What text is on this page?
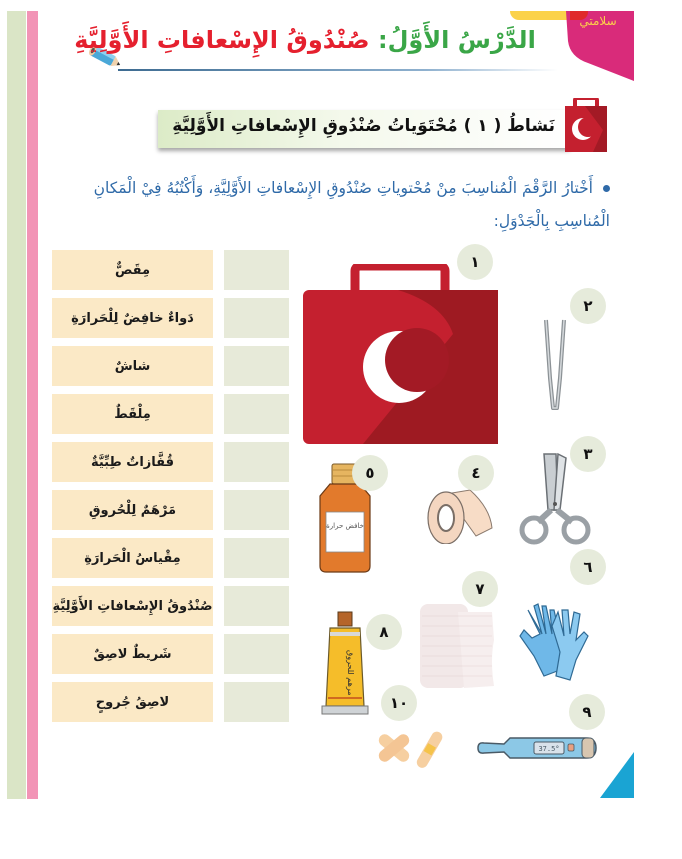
سلامتي
الدَّرْسُ الأَوَّلُ: صُنْدُوقُ الإِسْعافاتِ الأَوَّلِيَّةِ
نَشاطُ ( ١ ) مُحْتَوَياتُ صُنْدُوقِ الإِسْعافاتِ الأَوَّلِيَّةِ
أَخْتارُ الرَّقْمَ الْمُناسِبَ مِنْ مُحْتوياتِ صُنْدُوقِ الإِسْعافاتِ الأَوَّلِيَّةِ، وَأَكْتُبُهُ فِيْ الْمَكانِ الْمُناسِبِ بِالْجَدْوَلِ:
مِقَصٌّ
دَواءٌ خافِضٌ لِلْحَرارَةِ
شاشٌ
مِلْقَطٌ
قُفَّازاتٌ طِبِّيَّةٌ
مَرْهَمٌ لِلْحُروقِ
مِقْياسُ الْحَرارَةِ
صُنْدُوقُ الإِسْعافاتِ الأَوَّلِيَّةِ
شَريطٌ لاصِقٌ
لاصِقُ جُروحٍ
١
٢
٣
٤
خافض حرارة
٥
٦
٧
مرهم للحروق
٨
37.5°
٩
١٠
